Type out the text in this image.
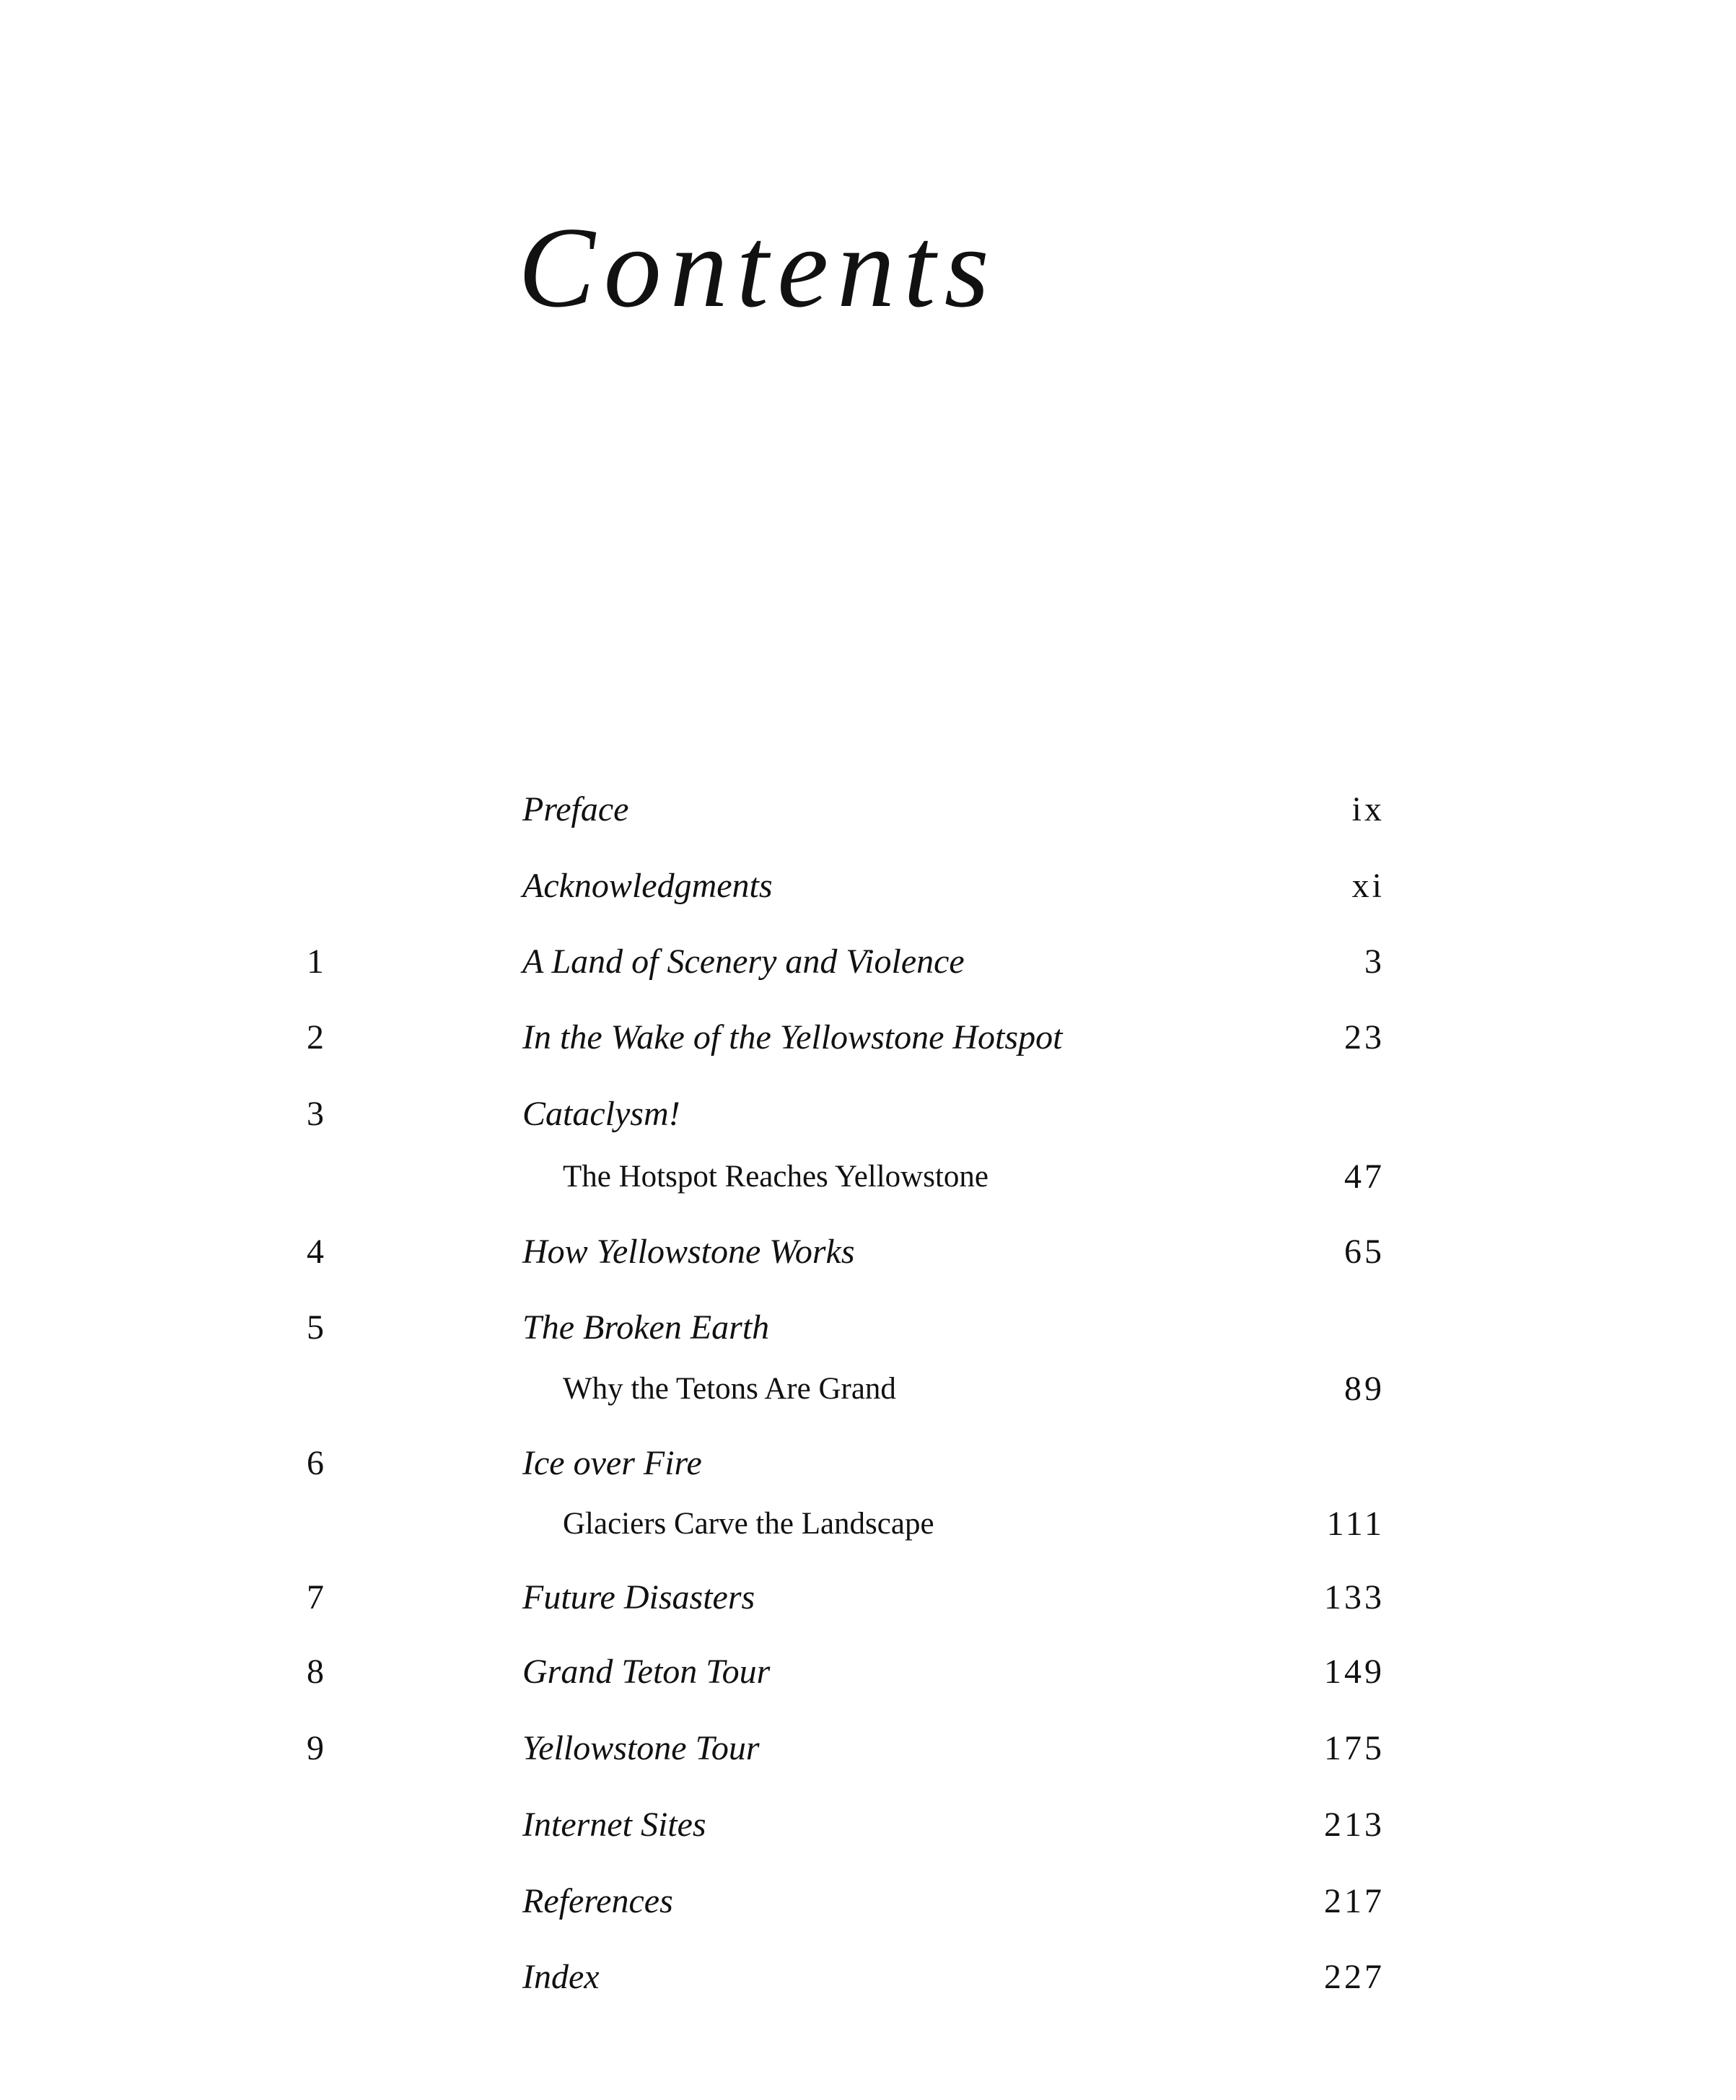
Contents
Preface	ix
Acknowledgments	xi
1	A Land of Scenery and Violence	3
2	In the Wake of the Yellowstone Hotspot	23
3	Cataclysm!
The Hotspot Reaches Yellowstone	47
4	How Yellowstone Works	65
5	The Broken Earth
Why the Tetons Are Grand	89
6	Ice over Fire
Glaciers Carve the Landscape	111
7	Future Disasters	133
8	Grand Teton Tour	149
9	Yellowstone Tour	175
Internet Sites	213
References	217
Index	227
